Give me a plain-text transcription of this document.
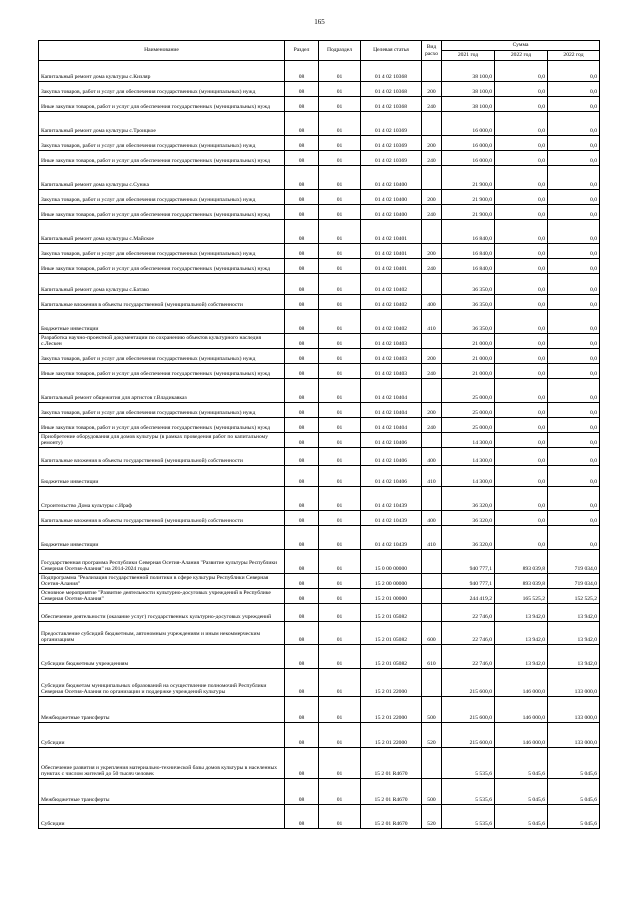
165
Наименование	Раздел	Подраздел	Целевая статья	Вид расхо	Сумма		
					2021 год	2022 год	2022 год
Капитальный ремонт дома культуры с.Кизляр	08	01	01 4 02 10368		38 100,0	0,0	0,0
Закупка товаров, работ и услуг для обеспечения государственных (муниципальных) нужд	08	01	01 4 02 10368	200	38 100,0	0,0	0,0
Иные закупки товаров, работ и услуг для обеспечения государственных (муниципальных) нужд	08	01	01 4 02 10368	240	38 100,0	0,0	0,0
Капитальный ремонт дома культуры с.Троицкое	08	01	01 4 02 10369		16 000,0	0,0	0,0
Закупка товаров, работ и услуг для обеспечения государственных (муниципальных) нужд	08	01	01 4 02 10369	200	16 000,0	0,0	0,0
Иные закупки товаров, работ и услуг для обеспечения государственных (муниципальных) нужд	08	01	01 4 02 10369	240	16 000,0	0,0	0,0
Капитальный ремонт дома культуры с.Сунжа	08	01	01 4 02 10400		21 900,0	0,0	0,0
Закупка товаров, работ и услуг для обеспечения государственных (муниципальных) нужд	08	01	01 4 02 10400	200	21 900,0	0,0	0,0
Иные закупки товаров, работ и услуг для обеспечения государственных (муниципальных) нужд	08	01	01 4 02 10400	240	21 900,0	0,0	0,0
Капитальный ремонт дома культуры с.Майское	08	01	01 4 02 10401		16 840,0	0,0	0,0
Закупка товаров, работ и услуг для обеспечения государственных (муниципальных) нужд	08	01	01 4 02 10401	200	16 840,0	0,0	0,0
Иные закупки товаров, работ и услуг для обеспечения государственных (муниципальных) нужд	08	01	01 4 02 10401	240	16 840,0	0,0	0,0
Капитальный ремонт дома культуры с.Батако	08	01	01 4 02 10402		36 350,0	0,0	0,0
Капитальные вложения в объекты государственной (муниципальной) собственности	08	01	01 4 02 10402	400	36 350,0	0,0	0,0
Бюджетные инвестиции	08	01	01 4 02 10402	410	36 350,0	0,0	0,0
Разработка научно-проектной документации по сохранению объектов культурного наследия с.Лескен	08	01	01 4 02 10403		21 000,0	0,0	0,0
Закупка товаров, работ и услуг для обеспечения государственных (муниципальных) нужд	08	01	01 4 02 10403	200	21 000,0	0,0	0,0
Иные закупки товаров, работ и услуг для обеспечения государственных (муниципальных) нужд	08	01	01 4 02 10403	240	21 000,0	0,0	0,0
Капитальный ремонт общежития для артистов г.Владикавказ	08	01	01 4 02 10404		25 000,0	0,0	0,0
Закупка товаров, работ и услуг для обеспечения государственных (муниципальных) нужд	08	01	01 4 02 10404	200	25 000,0	0,0	0,0
Иные закупки товаров, работ и услуг для обеспечения государственных (муниципальных) нужд	08	01	01 4 02 10404	240	25 000,0	0,0	0,0
Приобретение оборудования для домов культуры (в рамках проведения работ по капитальному ремонту)	08	01	01 4 02 10406		14 300,0	0,0	0,0
Капитальные вложения в объекты государственной (муниципальной) собственности	08	01	01 4 02 10406	400	14 300,0	0,0	0,0
Бюджетные инвестиции	08	01	01 4 02 10406	410	14 300,0	0,0	0,0
Строительство Дома культуры с.Ираф	08	01	01 4 02 10439		36 320,0	0,0	0,0
Капитальные вложения в объекты государственной (муниципальной) собственности	08	01	01 4 02 10439	400	36 320,0	0,0	0,0
Бюджетные инвестиции	08	01	01 4 02 10439	410	36 320,0	0,0	0,0
Государственная программа Республики Северная Осетия-Алания "Развитие культуры Республики Северная Осетия-Алания" на 2014-2024 годы	08	01	15 0 00 00000		940 777,1	893 039,8	719 034,0
Подпрограмма "Реализация государственной политики в сфере культуры Республики Северная Осетия-Алания"	08	01	15 2 00 00000		940 777,1	893 039,8	719 034,0
Основное мероприятие "Развитие деятельности культурно-досуговых учреждений в Республике Северная Осетия-Алания"	08	01	15 2 01 00000		244 419,2	165 525,2	152 525,2
Обеспечение деятельности (оказание услуг) государственных культурно-досуговых учреждений	08	01	15 2 01 05082		22 746,0	13 942,0	13 942,0
Предоставление субсидий бюджетным, автономным учреждениям и иным некоммерческим организациям	08	01	15 2 01 05082	600	22 746,0	13 942,0	13 942,0
Субсидии бюджетным учреждениям	08	01	15 2 01 05082	610	22 746,0	13 942,0	13 942,0
Субсидии бюджетам муниципальных образований на осуществление полномочий Республики Северная Осетия-Алания по организации и поддержке учреждений культуры	08	01	15 2 01 22000		215 600,0	146 000,0	133 000,0
Межбюджетные трансферты	08	01	15 2 01 22000	500	215 600,0	146 000,0	133 000,0
Субсидии	08	01	15 2 01 22000	520	215 600,0	146 000,0	133 000,0
Обеспечение развития и укрепления материально-технической базы домов культуры в населенных пунктах с числом жителей до 50 тысяч человек	08	01	15 2 01 R4670		5 535,6	5 045,6	5 045,6
Межбюджетные трансферты	08	01	15 2 01 R4670	500	5 535,6	5 045,6	5 045,6
Субсидии	08	01	15 2 01 R4670	520	5 535,6	5 045,6	5 045,6
